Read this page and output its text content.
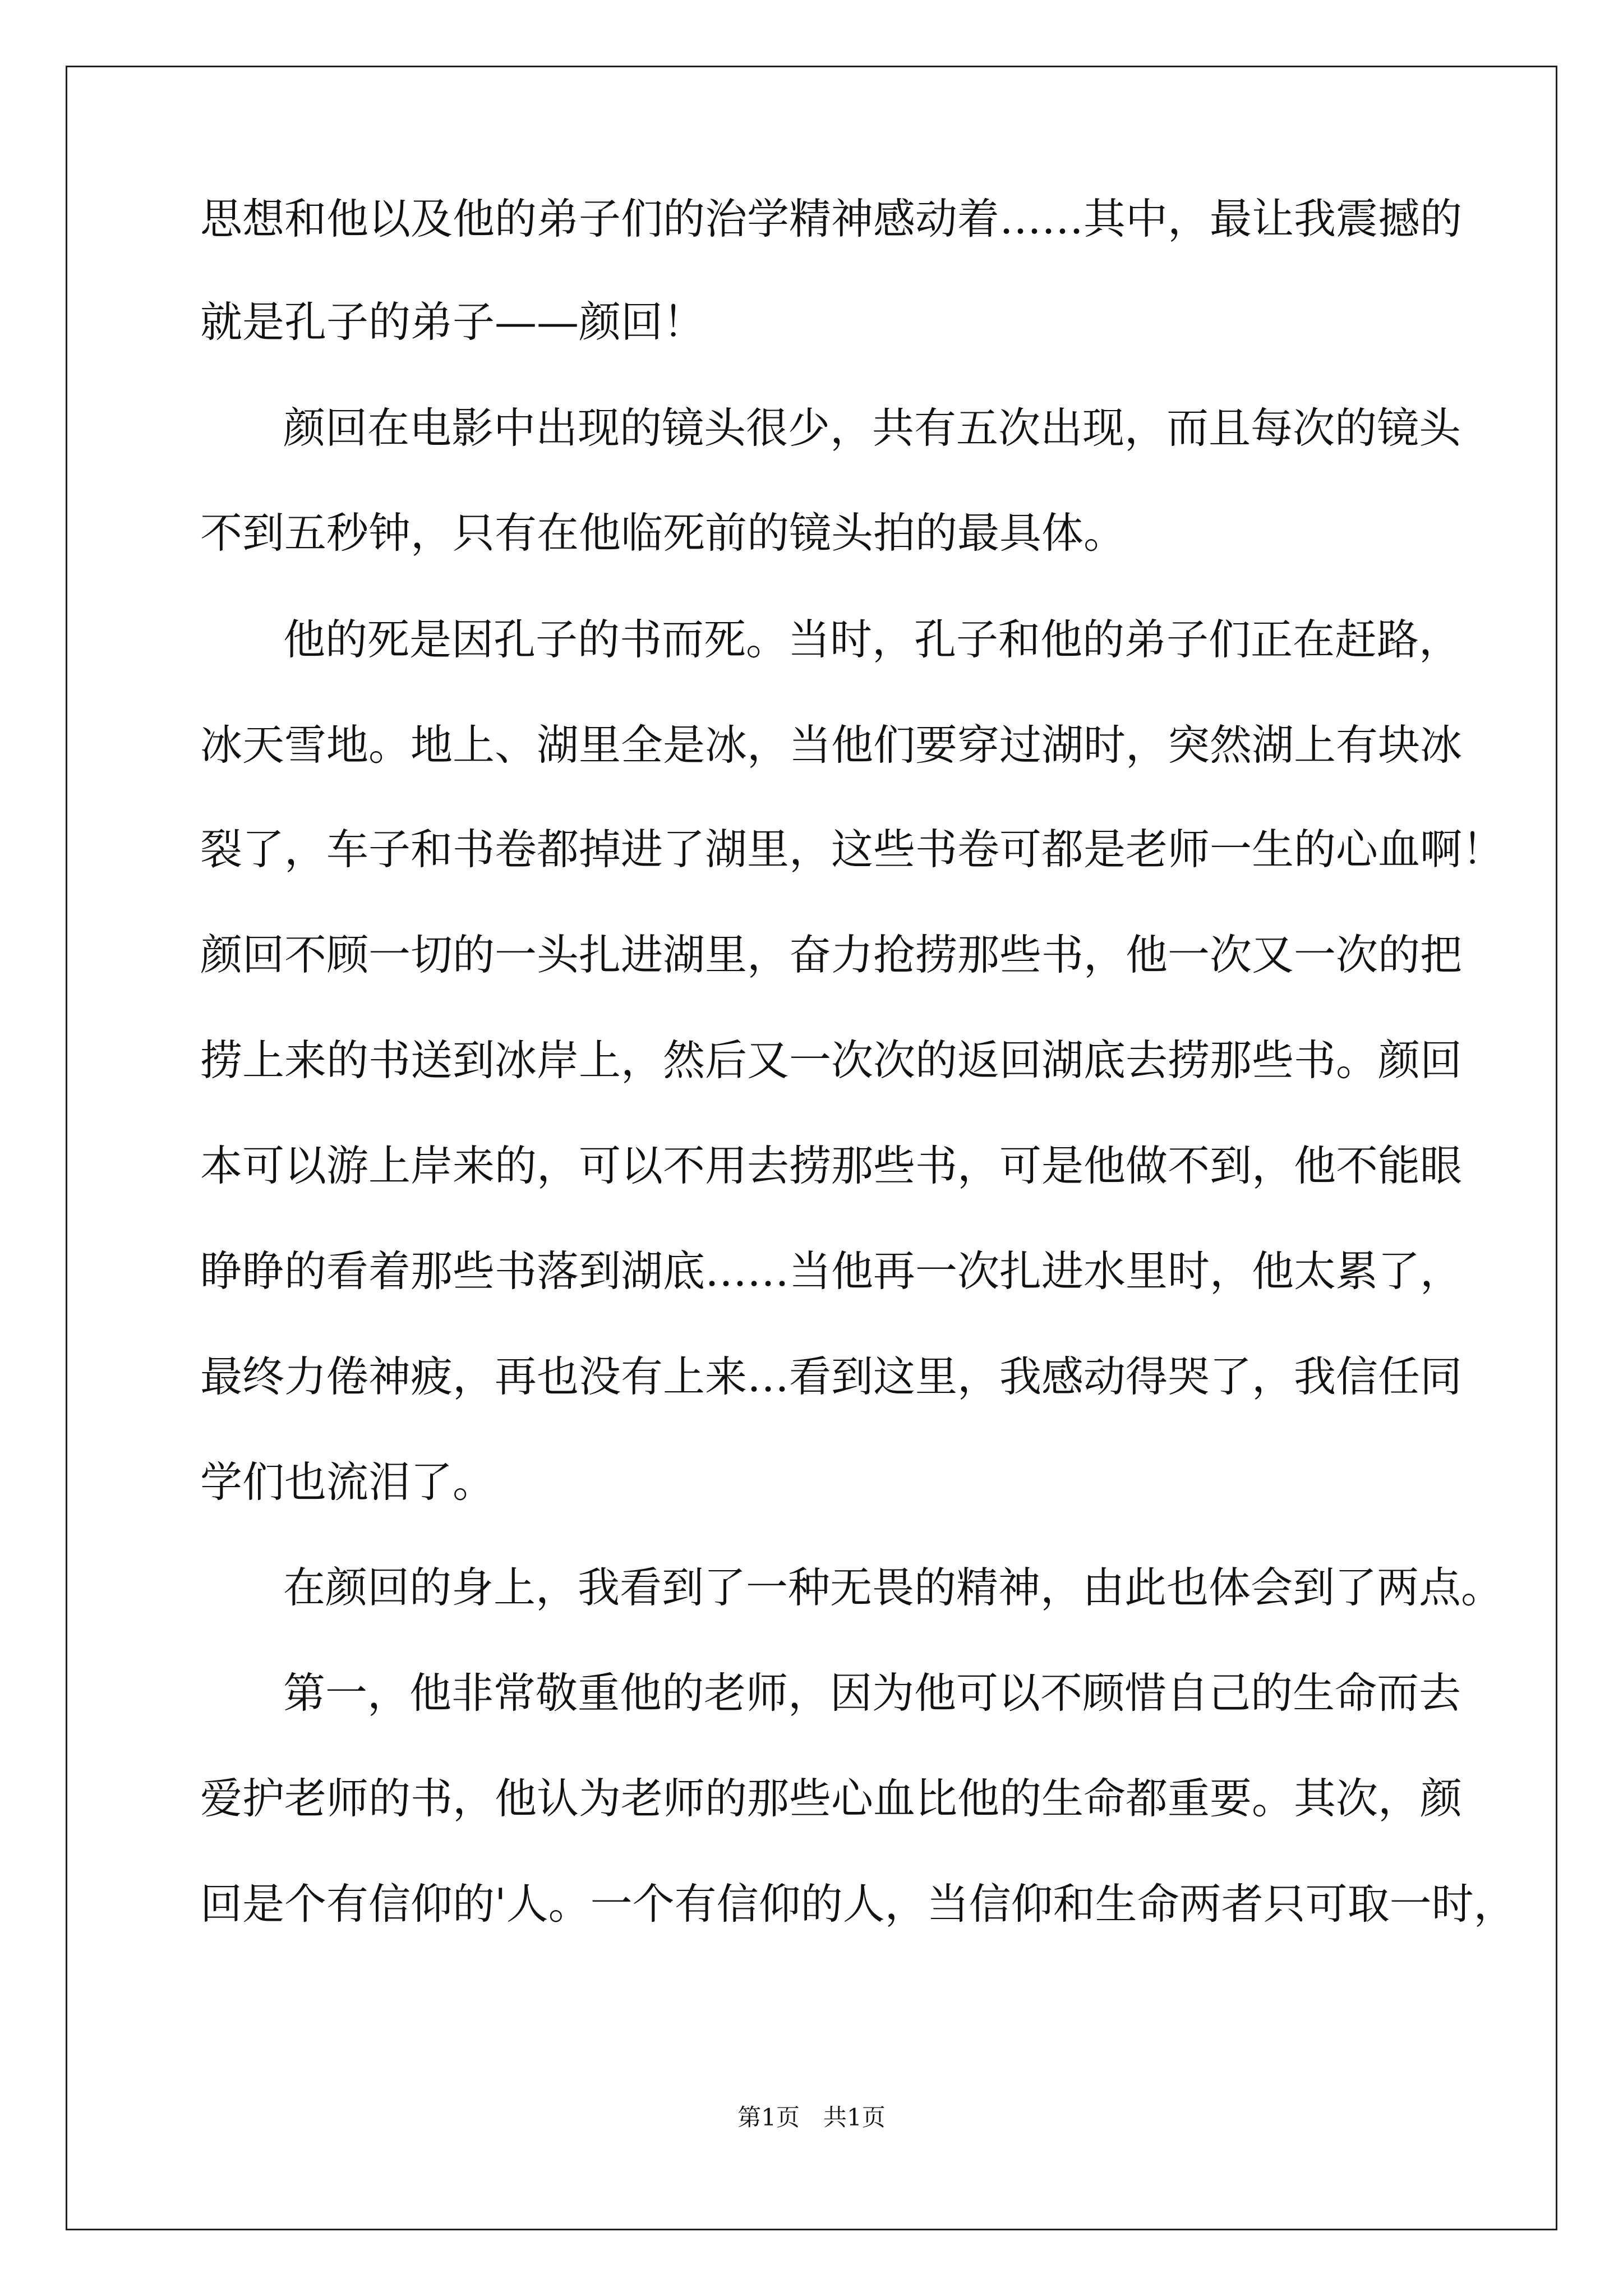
思想和他以及他的弟子们的治学精神感动着……其中，最让我震撼的
就是孔子的弟子——颜回！
颜回在电影中出现的镜头很少，共有五次出现，而且每次的镜头
不到五秒钟，只有在他临死前的镜头拍的最具体。
他的死是因孔子的书而死。当时，孔子和他的弟子们正在赶路，
冰天雪地。地上、湖里全是冰，当他们要穿过湖时，突然湖上有块冰
裂了，车子和书卷都掉进了湖里，这些书卷可都是老师一生的心血啊！
颜回不顾一切的一头扎进湖里，奋力抢捞那些书，他一次又一次的把
捞上来的书送到冰岸上，然后又一次次的返回湖底去捞那些书。颜回
本可以游上岸来的，可以不用去捞那些书，可是他做不到，他不能眼
睁睁的看着那些书落到湖底……当他再一次扎进水里时，他太累了，
最终力倦神疲，再也没有上来…看到这里，我感动得哭了，我信任同
学们也流泪了。
在颜回的身上，我看到了一种无畏的精神，由此也体会到了两点。
第一，他非常敬重他的老师，因为他可以不顾惜自己的生命而去
爱护老师的书，他认为老师的那些心血比他的生命都重要。其次，颜
回是个有信仰的'人。一个有信仰的人，当信仰和生命两者只可取一时，
第1页　共1页
